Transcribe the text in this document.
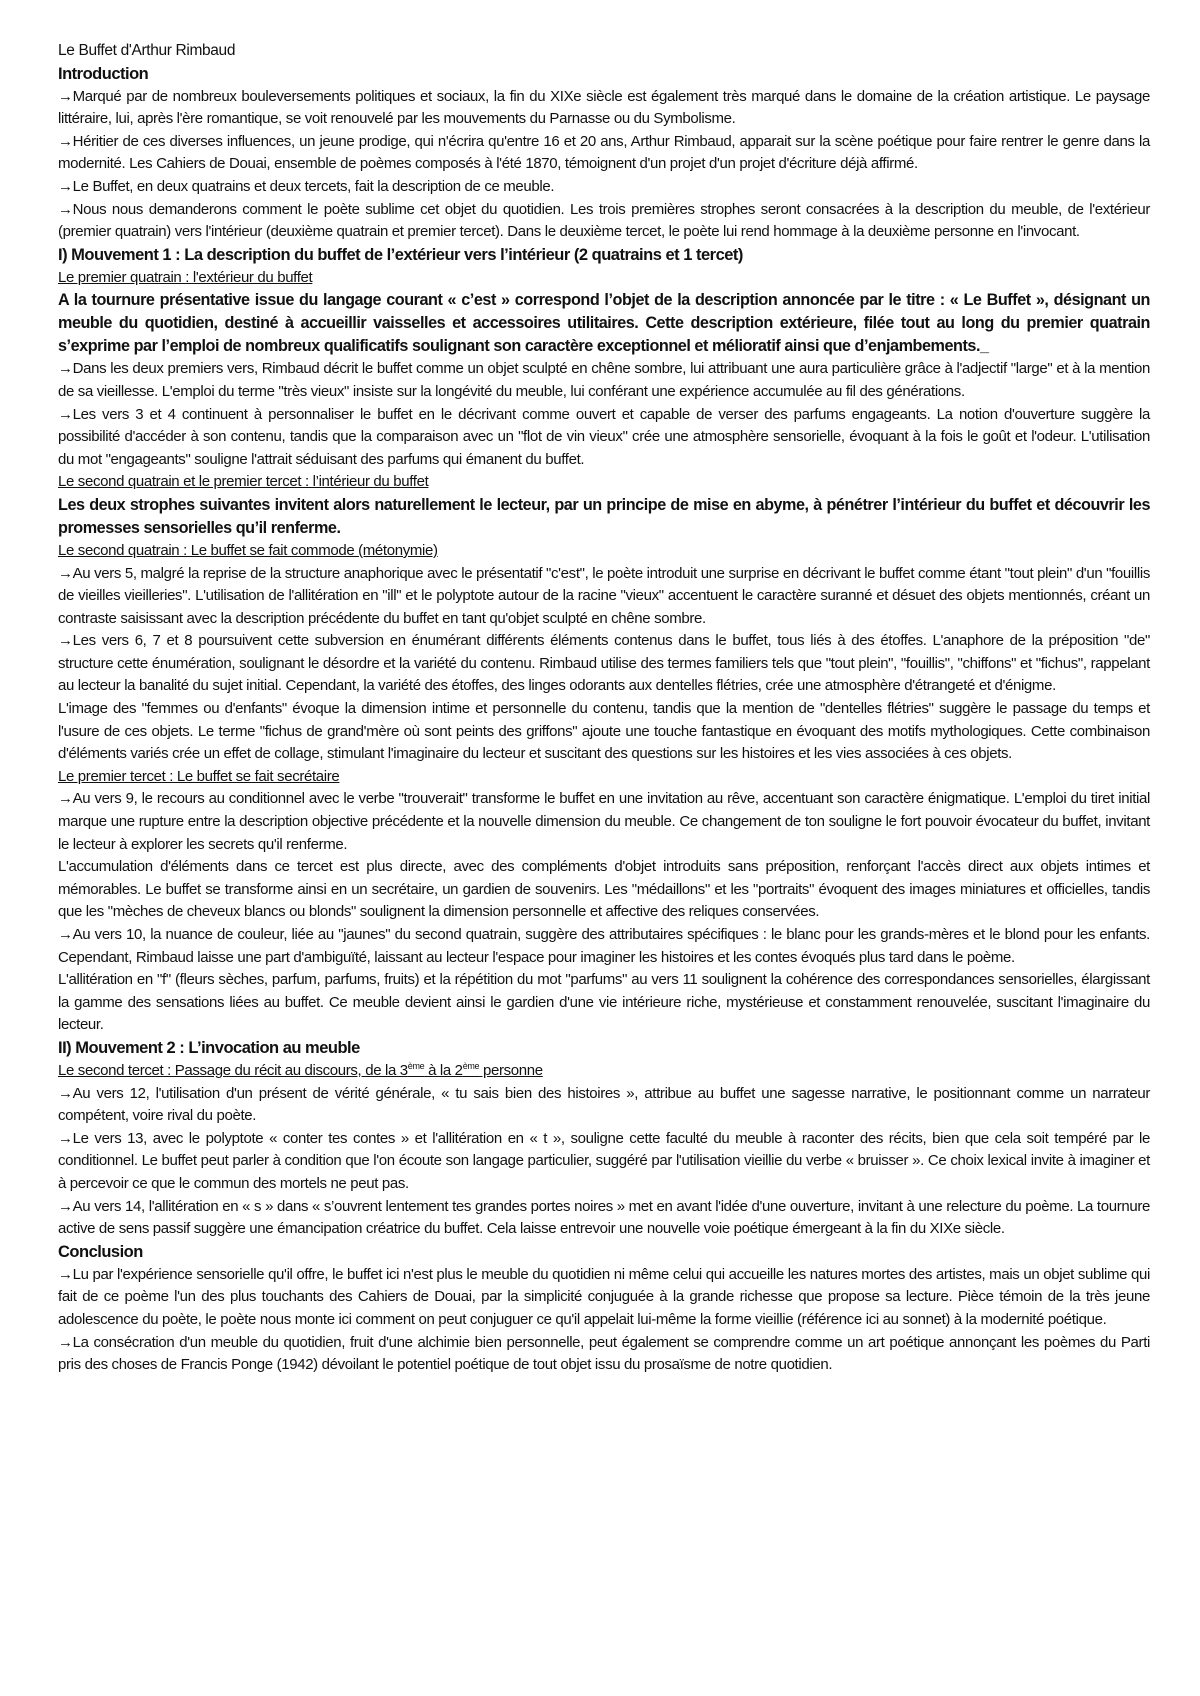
Le Buffet d'Arthur Rimbaud

Introduction

→Marqué par de nombreux bouleversements politiques et sociaux, la fin du XIXe siècle est également très marqué dans le domaine de la création artistique. Le paysage littéraire, lui, après l'ère romantique, se voit renouvelé par les mouvements du Parnasse ou du Symbolisme.

→Héritier de ces diverses influences, un jeune prodige, qui n'écrira qu'entre 16 et 20 ans, Arthur Rimbaud, apparait sur la scène poétique pour faire rentrer le genre dans la modernité. Les Cahiers de Douai, ensemble de poèmes composés à l'été 1870, témoignent d'un projet d'un projet d'écriture déjà affirmé.

→Le Buffet, en deux quatrains et deux tercets, fait la description de ce meuble.

→Nous nous demanderons comment le poète sublime cet objet du quotidien. Les trois premières strophes seront consacrées à la description du meuble, de l'extérieur (premier quatrain) vers l'intérieur (deuxième quatrain et premier tercet). Dans le deuxième tercet, le poète lui rend hommage à la deuxième personne en l'invocant.

I) Mouvement 1 : La description du buffet de l’extérieur vers l’intérieur (2 quatrains et 1 tercet)

Le premier quatrain : l'extérieur du buffet

A la tournure présentative issue du langage courant « c’est » correspond l’objet de la description annoncée par le titre : « Le Buffet », désignant un meuble du quotidien, destiné à accueillir vaisselles et accessoires utilitaires. Cette description extérieure, filée tout au long du premier quatrain s’exprime par l’emploi de nombreux qualificatifs soulignant son caractère exceptionnel et mélioratif ainsi que d’enjambements._

→Dans les deux premiers vers, Rimbaud décrit le buffet comme un objet sculpté en chêne sombre, lui attribuant une aura particulière grâce à l'adjectif "large" et à la mention de sa vieillesse. L'emploi du terme "très vieux" insiste sur la longévité du meuble, lui conférant une expérience accumulée au fil des générations.

→Les vers 3 et 4 continuent à personnaliser le buffet en le décrivant comme ouvert et capable de verser des parfums engageants. La notion d'ouverture suggère la possibilité d'accéder à son contenu, tandis que la comparaison avec un "flot de vin vieux" crée une atmosphère sensorielle, évoquant à la fois le goût et l'odeur. L'utilisation du mot "engageants" souligne l'attrait séduisant des parfums qui émanent du buffet.

Le second quatrain et le premier tercet : l’intérieur du buffet

Les deux strophes suivantes invitent alors naturellement le lecteur, par un principe de mise en abyme, à pénétrer l’intérieur du buffet et découvrir les promesses sensorielles qu’il renferme.

Le second quatrain : Le buffet se fait commode (métonymie)

→Au vers 5, malgré la reprise de la structure anaphorique avec le présentatif "c'est", le poète introduit une surprise en décrivant le buffet comme étant "tout plein" d'un "fouillis de vieilles vieilleries". L'utilisation de l'allitération en "ill" et le polyptote autour de la racine "vieux" accentuent le caractère suranné et désuet des objets mentionnés, créant un contraste saisissant avec la description précédente du buffet en tant qu'objet sculpté en chêne sombre.

→Les vers 6, 7 et 8 poursuivent cette subversion en énumérant différents éléments contenus dans le buffet, tous liés à des étoffes. L'anaphore de la préposition "de" structure cette énumération, soulignant le désordre et la variété du contenu. Rimbaud utilise des termes familiers tels que "tout plein", "fouillis", "chiffons" et "fichus", rappelant au lecteur la banalité du sujet initial. Cependant, la variété des étoffes, des linges odorants aux dentelles flétries, crée une atmosphère d'étrangeté et d'énigme.

L'image des "femmes ou d'enfants" évoque la dimension intime et personnelle du contenu, tandis que la mention de "dentelles flétries" suggère le passage du temps et l'usure de ces objets. Le terme "fichus de grand'mère où sont peints des griffons" ajoute une touche fantastique en évoquant des motifs mythologiques. Cette combinaison d'éléments variés crée un effet de collage, stimulant l'imaginaire du lecteur et suscitant des questions sur les histoires et les vies associées à ces objets.

Le premier tercet : Le buffet se fait secrétaire

→Au vers 9, le recours au conditionnel avec le verbe "trouverait" transforme le buffet en une invitation au rêve, accentuant son caractère énigmatique. L'emploi du tiret initial marque une rupture entre la description objective précédente et la nouvelle dimension du meuble. Ce changement de ton souligne le fort pouvoir évocateur du buffet, invitant le lecteur à explorer les secrets qu'il renferme.

L'accumulation d'éléments dans ce tercet est plus directe, avec des compléments d'objet introduits sans préposition, renforçant l'accès direct aux objets intimes et mémorables. Le buffet se transforme ainsi en un secrétaire, un gardien de souvenirs. Les "médaillons" et les "portraits" évoquent des images miniatures et officielles, tandis que les "mèches de cheveux blancs ou blonds" soulignent la dimension personnelle et affective des reliques conservées.

→Au vers 10, la nuance de couleur, liée au "jaunes" du second quatrain, suggère des attributaires spécifiques : le blanc pour les grands-mères et le blond pour les enfants. Cependant, Rimbaud laisse une part d'ambiguïté, laissant au lecteur l'espace pour imaginer les histoires et les contes évoqués plus tard dans le poème.

L'allitération en "f" (fleurs sèches, parfum, parfums, fruits) et la répétition du mot "parfums" au vers 11 soulignent la cohérence des correspondances sensorielles, élargissant la gamme des sensations liées au buffet. Ce meuble devient ainsi le gardien d'une vie intérieure riche, mystérieuse et constamment renouvelée, suscitant l'imaginaire du lecteur.

II) Mouvement 2 : L’invocation au meuble

Le second tercet : Passage du récit au discours, de la 3ème à la 2ème personne

→Au vers 12, l'utilisation d'un présent de vérité générale, « tu sais bien des histoires », attribue au buffet une sagesse narrative, le positionnant comme un narrateur compétent, voire rival du poète.

→Le vers 13, avec le polyptote « conter tes contes » et l'allitération en « t », souligne cette faculté du meuble à raconter des récits, bien que cela soit tempéré par le conditionnel. Le buffet peut parler à condition que l'on écoute son langage particulier, suggéré par l'utilisation vieillie du verbe « bruisser ». Ce choix lexical invite à imaginer et à percevoir ce que le commun des mortels ne peut pas.

→Au vers 14, l'allitération en « s » dans « s’ouvrent lentement tes grandes portes noires » met en avant l'idée d'une ouverture, invitant à une relecture du poème. La tournure active de sens passif suggère une émancipation créatrice du buffet. Cela laisse entrevoir une nouvelle voie poétique émergeant à la fin du XIXe siècle.

Conclusion

→Lu par l'expérience sensorielle qu'il offre, le buffet ici n'est plus le meuble du quotidien ni même celui qui accueille les natures mortes des artistes, mais un objet sublime qui fait de ce poème l'un des plus touchants des Cahiers de Douai, par la simplicité conjuguée à la grande richesse que propose sa lecture. Pièce témoin de la très jeune adolescence du poète, le poète nous monte ici comment on peut conjuguer ce qu'il appelait lui-même la forme vieillie (référence ici au sonnet) à la modernité poétique.

→La consécration d'un meuble du quotidien, fruit d'une alchimie bien personnelle, peut également se comprendre comme un art poétique annonçant les poèmes du Parti pris des choses de Francis Ponge (1942) dévoilant le potentiel poétique de tout objet issu du prosaïsme de notre quotidien.
